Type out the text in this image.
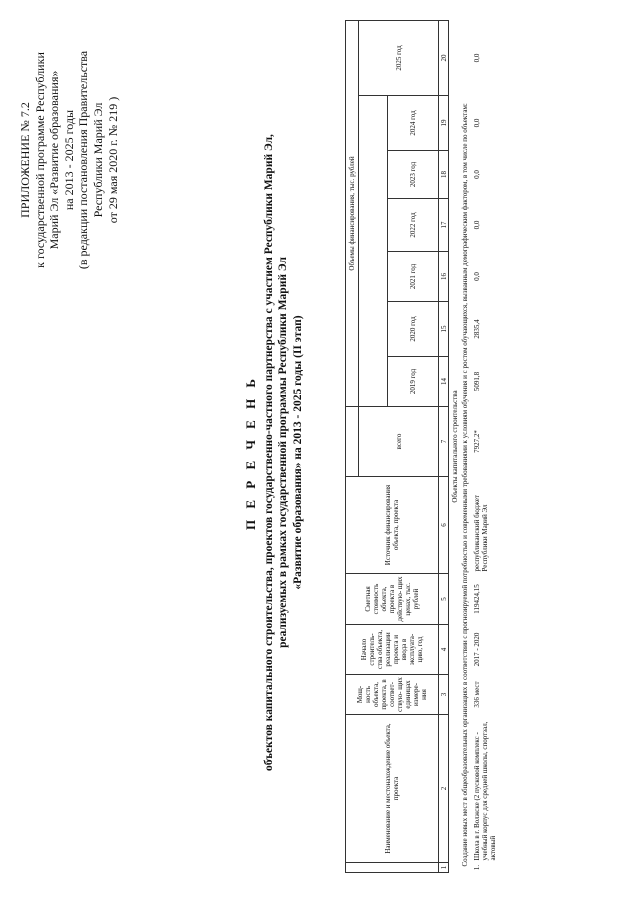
ПРИЛОЖЕНИЕ № 7.2 к государственной программе Республики Марий Эл «Развитие образования» на 2013 - 2025 годы (в редакции постановления Правительства Республики Марий Эл от 29 мая 2020 г. № 219 )
П Е Р Е Ч Е Н Ь объектов капитального строительства, проектов государственно-частного партнерства с участием Республики Марий Эл, реализуемых в рамках государственной программы Республики Марий Эл «Развитие образования» на 2013 - 2025 годы (II этап)
	Наименование и местонахождение объекта, проекта	Мощ- ность объекта, проекта, в соответ- ствую- щих единицах измере- ния	Начало строитель- ства объекта, реализации проекта и ввода в эксплуата- цию, год	Сметная стоимость объекта, проекта в действую- щих ценах, тыс. рублей	Источник финансирования объекта, проекта		Объемы финансирования, тыс. рублей						
						всего							2025 год
							2019 год	2020 год	2021 год	2022 год	2023 год	2024 год	
1	2	3	4	5	6	7	14	15	16	17	18	19	20
Объекты капитального строительства													
Создание новых мест в общеобразовательных организациях в соответствии с прогнозируемой потребностью и современными требованиями к условиям обучения и с ростом обучающихся, вызванным демографическим фактором, в том числе по объектам:													
1.	Школа в г. Волжске (2 пусковой комплекс - учебный корпус для средней школы, спортзал, актовый	336 мест	2017 - 2020	119424,15	республиканский бюджет Республики Марий Эл	7927,2*	5091,8	2835,4	0,0	0,0	0,0	0,0	0,0
